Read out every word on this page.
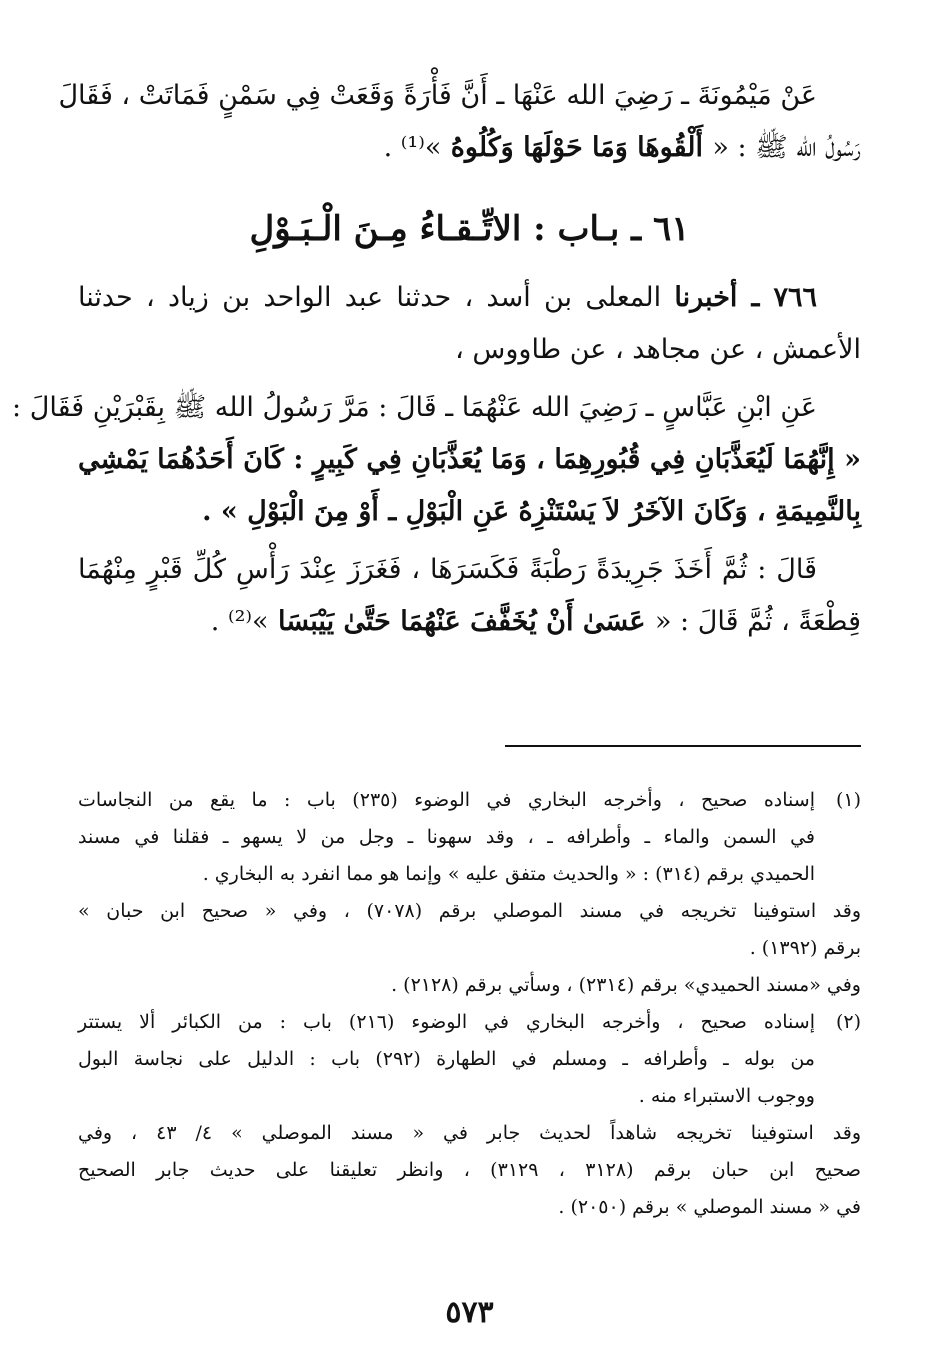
عَنْ مَيْمُونَةَ ـ رَضِيَ الله عَنْهَا ـ أَنَّ فَأْرَةً وَقَعَتْ فِي سَمْنٍ فَمَاتَتْ ، فَقَالَ
رَسُولُ الله ﷺ : « أَلْقُوهَا وَمَا حَوْلَهَا وَكُلُوهُ »⁽¹⁾ .
٦١ ـ بـاب : الاتِّـقـاءُ مِـنَ الْـبَـوْلِ
٧٦٦ ـ أخبرنا المعلى بن أسد ، حدثنا عبد الواحد بن زياد ، حدثنا
الأعمش ، عن مجاهد ، عن طاووس ،
عَنِ ابْنِ عَبَّاسٍ ـ رَضِيَ الله عَنْهُمَا ـ قَالَ : مَرَّ رَسُولُ الله ﷺ بِقَبْرَيْنِ فَقَالَ :
« إِنَّهُمَا لَيُعَذَّبَانِ فِي قُبُورِهِمَا ، وَمَا يُعَذَّبَانِ فِي كَبِيرٍ : كَانَ أَحَدُهُمَا يَمْشِي
بِالنَّمِيمَةِ ، وَكَانَ الآخَرُ لاَ يَسْتَنْزِهُ عَنِ الْبَوْلِ ـ أَوْ مِنَ الْبَوْلِ » .
قَالَ : ثُمَّ أَخَذَ جَرِيدَةً رَطْبَةً فَكَسَرَهَا ، فَغَرَزَ عِنْدَ رَأْسِ كُلِّ قَبْرٍ مِنْهُمَا
قِطْعَةً ، ثُمَّ قَالَ : « عَسَىٰ أَنْ يُخَفَّفَ عَنْهُمَا حَتَّىٰ يَيْبَسَا »⁽²⁾ .
(١)
إسناده صحيح ، وأخرجه البخاري في الوضوء (٢٣٥) باب : ما يقع من النجاسات
في السمن والماء ـ وأطرافه ـ ، وقد سهونا ـ وجل من لا يسهو ـ فقلنا في مسند
الحميدي برقم (٣١٤) : « والحديث متفق عليه » وإنما هو مما انفرد به البخاري .
وقد استوفينا تخريجه في مسند الموصلي برقم (٧٠٧٨) ، وفي « صحيح ابن حبان »
برقم (١٣٩٢) .
وفي «مسند الحميدي» برقم (٢٣١٤) ، وسأتي برقم (٢١٢٨) .
(٢)
إسناده صحيح ، وأخرجه البخاري في الوضوء (٢١٦) باب : من الكبائر ألا يستتر
من بوله ـ وأطرافه ـ ومسلم في الطهارة (٢٩٢) باب : الدليل على نجاسة البول
ووجوب الاستبراء منه .
وقد استوفينا تخريجه شاهداً لحديث جابر في « مسند الموصلي » ٤/ ٤٣ ، وفي
صحيح ابن حبان برقم (٣١٢٨ ، ٣١٢٩) ، وانظر تعليقنا على حديث جابر الصحيح
في « مسند الموصلي » برقم (٢٠٥٠) .
٥٧٣
